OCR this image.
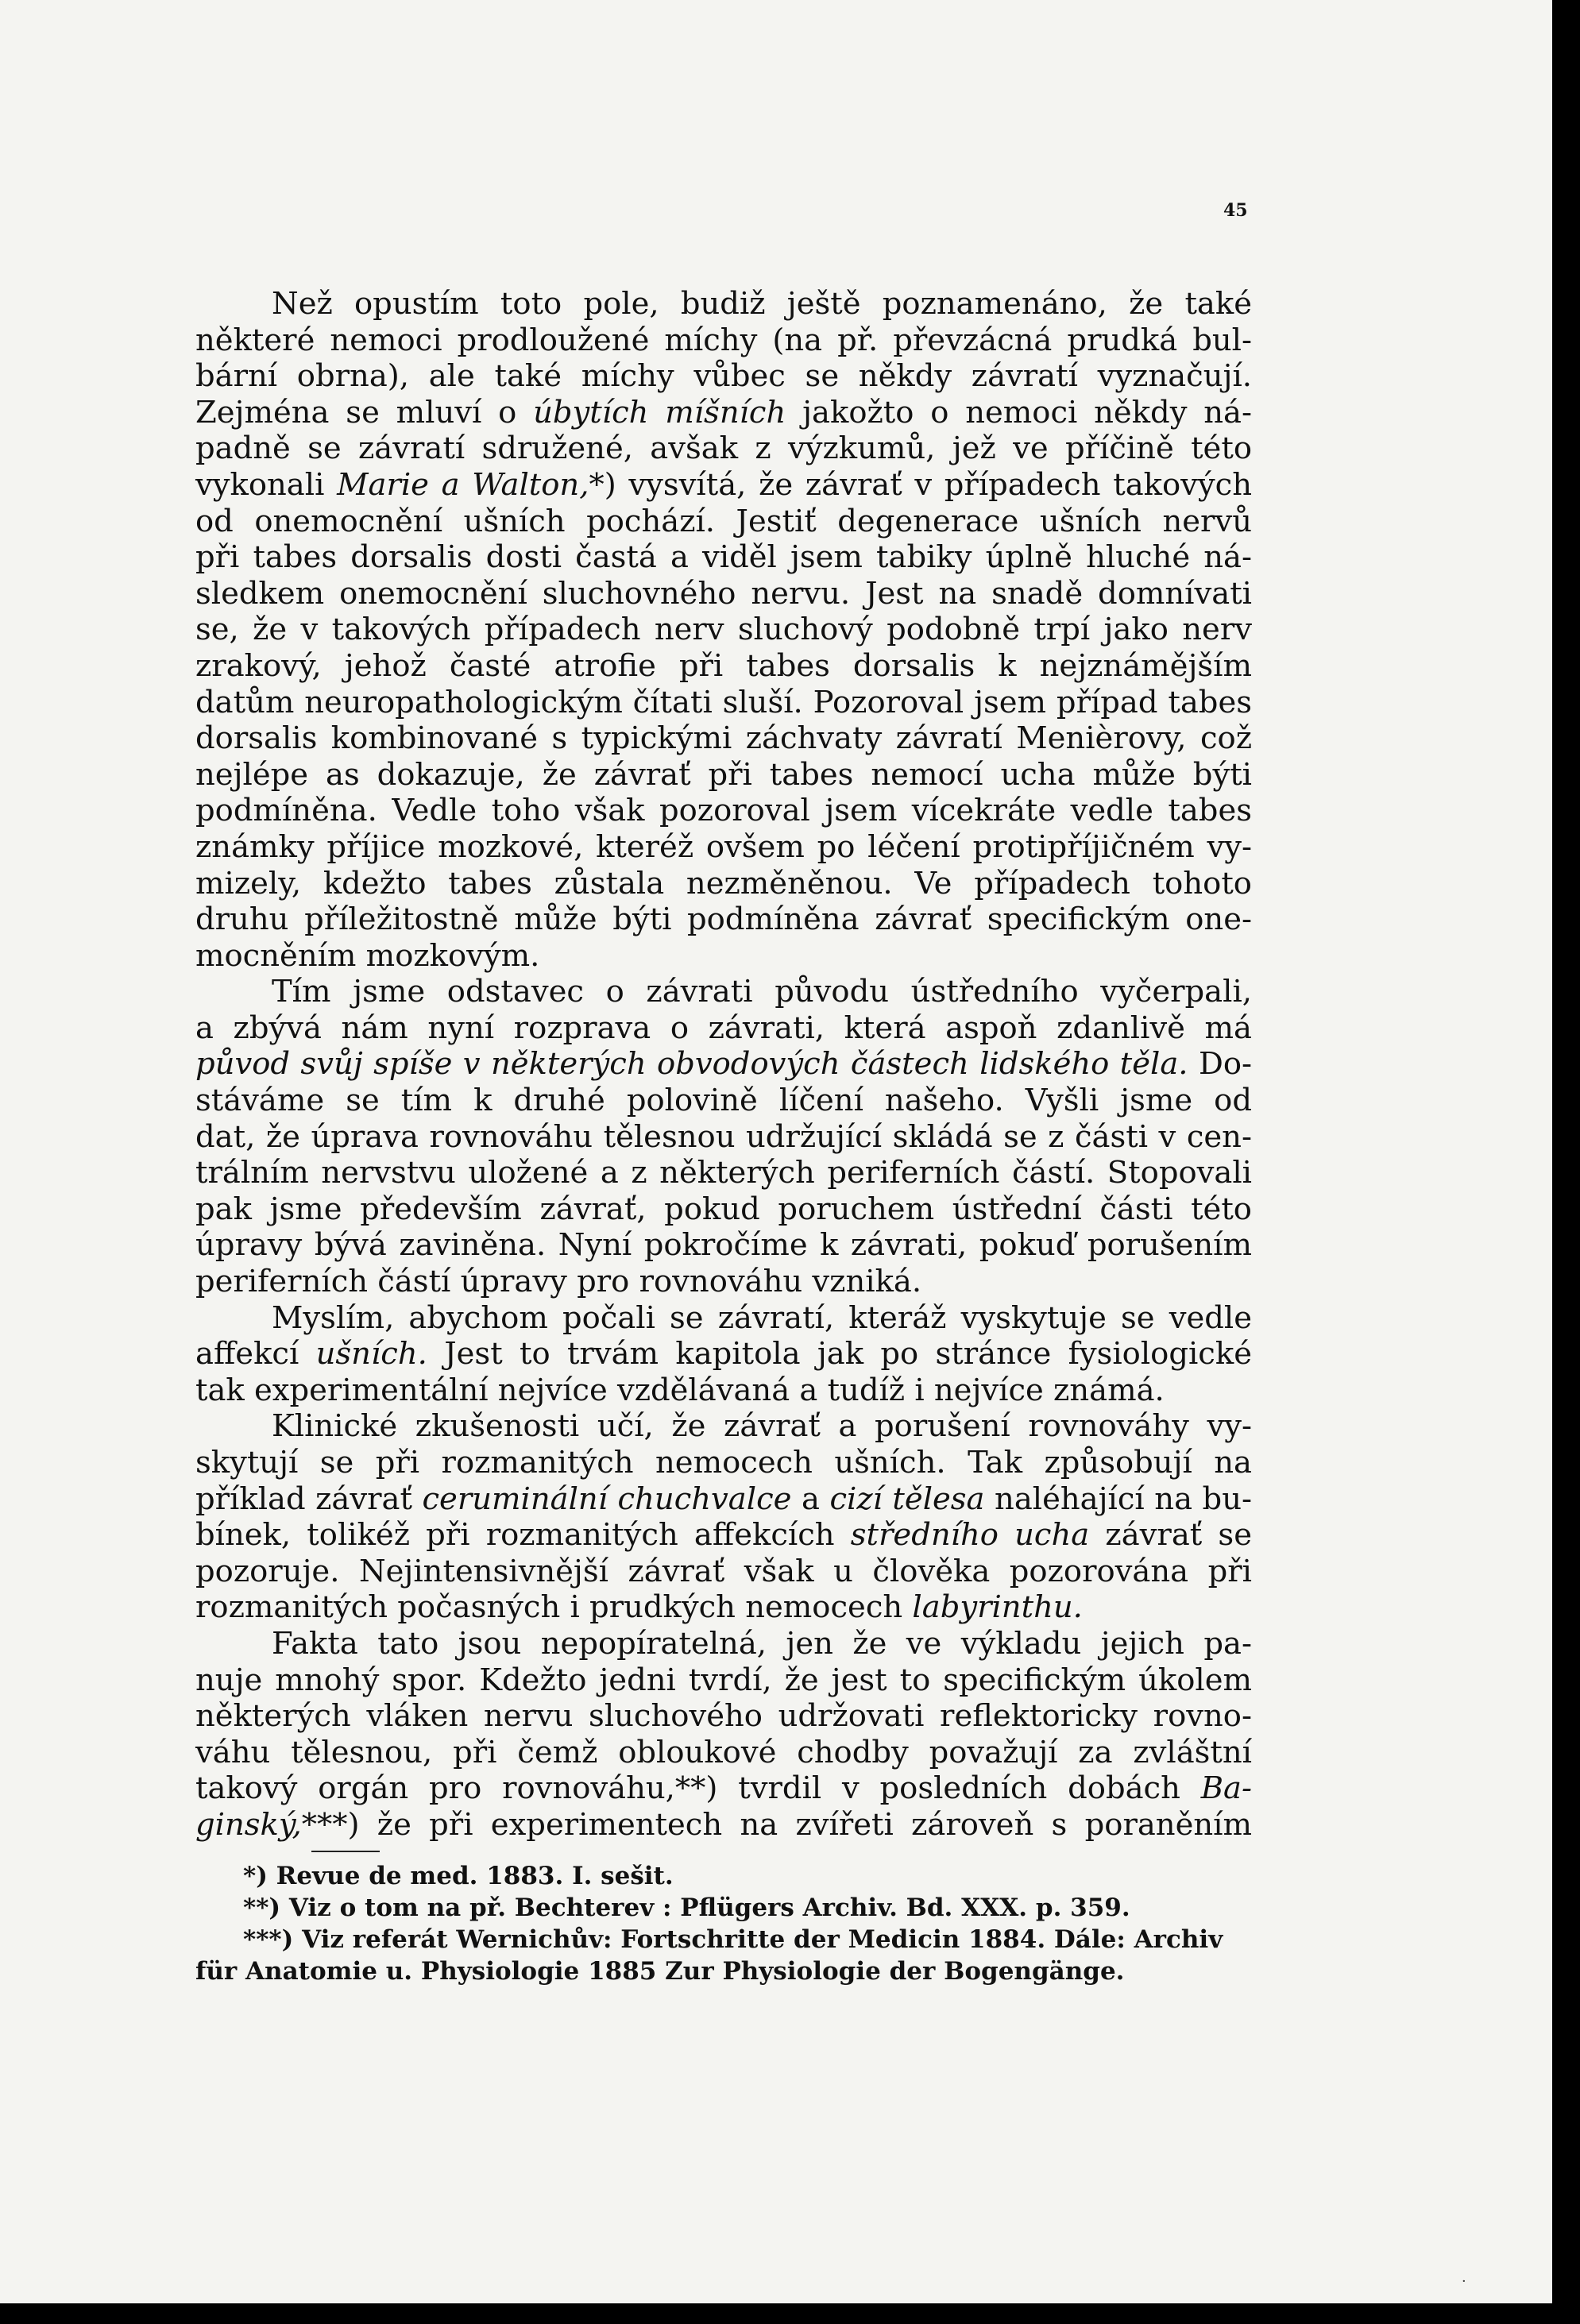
45
Než opustím toto pole, budiž ještě poznamenáno, že také
některé nemoci prodloužené míchy (na př. převzácná prudká bul-
bární obrna), ale také míchy vůbec se někdy závratí vyznačují.
Zejména se mluví o úbytích míšních jakožto o nemoci někdy ná-
padně se závratí sdružené, avšak z výzkumů, jež ve příčině této
vykonali Marie a Walton,*) vysvítá, že závrať v případech takových
od onemocnění ušních pochází. Jestiť degenerace ušních nervů
při tabes dorsalis dosti častá a viděl jsem tabiky úplně hluché ná-
sledkem onemocnění sluchovného nervu. Jest na snadě domnívati
se, že v takových případech nerv sluchový podobně trpí jako nerv
zrakový, jehož časté atrofie při tabes dorsalis k nejznámějším
datům neuropathologickým čítati sluší. Pozoroval jsem případ tabes
dorsalis kombinované s typickými záchvaty závratí Menièrovy, což
nejlépe as dokazuje, že závrať při tabes nemocí ucha může býti
podmíněna. Vedle toho však pozoroval jsem vícekráte vedle tabes
známky příjice mozkové, kteréž ovšem po léčení protipříjičném vy-
mizely, kdežto tabes zůstala nezměněnou. Ve případech tohoto
druhu příležitostně může býti podmíněna závrať specifickým one-
mocněním mozkovým.
Tím jsme odstavec o závrati původu ústředního vyčerpali,
a zbývá nám nyní rozprava o závrati, která aspoň zdanlivě má
původ svůj spíše v některých obvodových částech lidského těla. Do-
stáváme se tím k druhé polovině líčení našeho. Vyšli jsme od
dat, že úprava rovnováhu tělesnou udržující skládá se z části v cen-
trálním nervstvu uložené a z některých periferních částí. Stopovali
pak jsme především závrať, pokud poruchem ústřední části této
úpravy bývá zaviněna. Nyní pokročíme k závrati, pokuď porušením
periferních částí úpravy pro rovnováhu vzniká.
Myslím, abychom počali se závratí, kteráž vyskytuje se vedle
affekcí ušních. Jest to trvám kapitola jak po stránce fysiologické
tak experimentální nejvíce vzdělávaná a tudíž i nejvíce známá.
Klinické zkušenosti učí, že závrať a porušení rovnováhy vy-
skytují se při rozmanitých nemocech ušních. Tak způsobují na
příklad závrať ceruminální chuchvalce a cizí tělesa naléhající na bu-
bínek, tolikéž při rozmanitých affekcích středního ucha závrať se
pozoruje. Nejintensivnější závrať však u člověka pozorována při
rozmanitých počasných i prudkých nemocech labyrinthu.
Fakta tato jsou nepopíratelná, jen že ve výkladu jejich pa-
nuje mnohý spor. Kdežto jedni tvrdí, že jest to specifickým úkolem
některých vláken nervu sluchového udržovati reflektoricky rovno-
váhu tělesnou, při čemž obloukové chodby považují za zvláštní
takový orgán pro rovnováhu,**) tvrdil v posledních dobách Ba-
ginský,***) že při experimentech na zvířeti zároveň s poraněním
*) Revue de med. 1883. I. sešit.
**) Viz o tom na př. Bechterev : Pflügers Archiv. Bd. XXX. p. 359.
***) Viz referát Wernichův: Fortschritte der Medicin 1884. Dále: Archiv
für Anatomie u. Physiologie 1885 Zur Physiologie der Bogengänge.
·
